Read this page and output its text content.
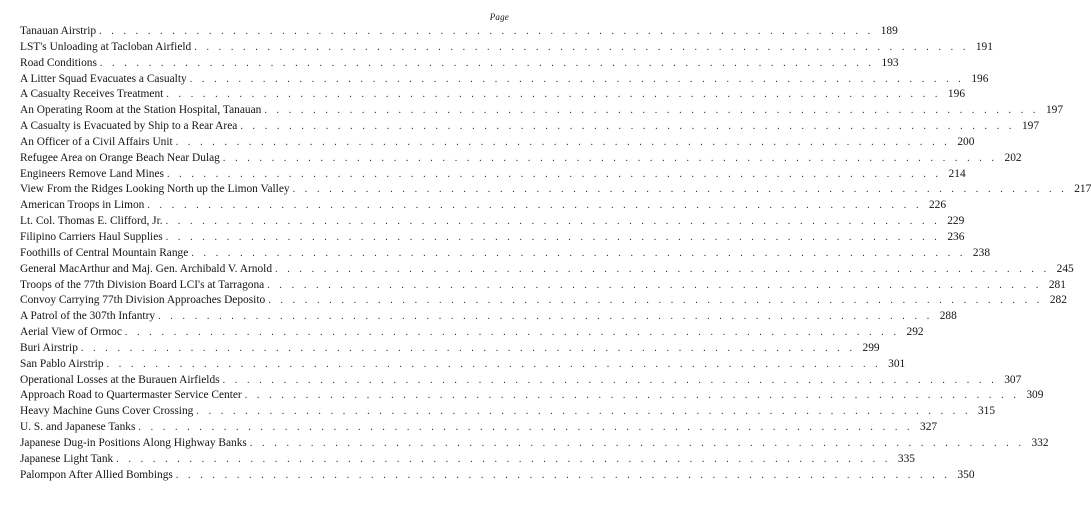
Page
Tanauan Airstrip . . . . . . . . . . . . . . . . . . . . . . . . . . . . . . . . . . . . . . . . . . . . . . . . . . . . . . . . . . . . . . . . 189
LST's Unloading at Tacloban Airfield . . . . . . . . . . . . . . . . . . . . . . . . . . . . . . . . . . . . . . . . . . . . . . . . . . . . . . . . . . . . . . . . 191
Road Conditions . . . . . . . . . . . . . . . . . . . . . . . . . . . . . . . . . . . . . . . . . . . . . . . . . . . . . . . . . . . . . . . . 193
A Litter Squad Evacuates a Casualty . . . . . . . . . . . . . . . . . . . . . . . . . . . . . . . . . . . . . . . . . . . . . . . . . . . . . . . . . . . . . . . . 196
A Casualty Receives Treatment . . . . . . . . . . . . . . . . . . . . . . . . . . . . . . . . . . . . . . . . . . . . . . . . . . . . . . . . . . . . . . . . 196
An Operating Room at the Station Hospital, Tanauan . . . . . . . . . . . . . . . . . . . . . . . . . . . . . . . . . . . . . . . . . . . . . . . . . . . . . . . . . . . . . . . . 197
A Casualty is Evacuated by Ship to a Rear Area . . . . . . . . . . . . . . . . . . . . . . . . . . . . . . . . . . . . . . . . . . . . . . . . . . . . . . . . . . . . . . . . 197
An Officer of a Civil Affairs Unit . . . . . . . . . . . . . . . . . . . . . . . . . . . . . . . . . . . . . . . . . . . . . . . . . . . . . . . . . . . . . . . . 200
Refugee Area on Orange Beach Near Dulag . . . . . . . . . . . . . . . . . . . . . . . . . . . . . . . . . . . . . . . . . . . . . . . . . . . . . . . . . . . . . . . . 202
Engineers Remove Land Mines . . . . . . . . . . . . . . . . . . . . . . . . . . . . . . . . . . . . . . . . . . . . . . . . . . . . . . . . . . . . . . . . 214
View From the Ridges Looking North up the Limon Valley . . . . . . . . . . . . . . . . . . . . . . . . . . . . . . . . . . . . . . . . . . . . . . . . . . . . . . . . . . . . . . . . 217
American Troops in Limon . . . . . . . . . . . . . . . . . . . . . . . . . . . . . . . . . . . . . . . . . . . . . . . . . . . . . . . . . . . . . . . . 226
Lt. Col. Thomas E. Clifford, Jr. . . . . . . . . . . . . . . . . . . . . . . . . . . . . . . . . . . . . . . . . . . . . . . . . . . . . . . . . . . . . . . . . 229
Filipino Carriers Haul Supplies . . . . . . . . . . . . . . . . . . . . . . . . . . . . . . . . . . . . . . . . . . . . . . . . . . . . . . . . . . . . . . . . 236
Foothills of Central Mountain Range . . . . . . . . . . . . . . . . . . . . . . . . . . . . . . . . . . . . . . . . . . . . . . . . . . . . . . . . . . . . . . . . 238
General MacArthur and Maj. Gen. Archibald V. Arnold . . . . . . . . . . . . . . . . . . . . . . . . . . . . . . . . . . . . . . . . . . . . . . . . . . . . . . . . . . . . . . . . 245
Troops of the 77th Division Board LCI's at Tarragona . . . . . . . . . . . . . . . . . . . . . . . . . . . . . . . . . . . . . . . . . . . . . . . . . . . . . . . . . . . . . . . . 281
Convoy Carrying 77th Division Approaches Deposito . . . . . . . . . . . . . . . . . . . . . . . . . . . . . . . . . . . . . . . . . . . . . . . . . . . . . . . . . . . . . . . . 282
A Patrol of the 307th Infantry . . . . . . . . . . . . . . . . . . . . . . . . . . . . . . . . . . . . . . . . . . . . . . . . . . . . . . . . . . . . . . . . 288
Aerial View of Ormoc . . . . . . . . . . . . . . . . . . . . . . . . . . . . . . . . . . . . . . . . . . . . . . . . . . . . . . . . . . . . . . . . 292
Buri Airstrip . . . . . . . . . . . . . . . . . . . . . . . . . . . . . . . . . . . . . . . . . . . . . . . . . . . . . . . . . . . . . . . . 299
San Pablo Airstrip . . . . . . . . . . . . . . . . . . . . . . . . . . . . . . . . . . . . . . . . . . . . . . . . . . . . . . . . . . . . . . . . 301
Operational Losses at the Burauen Airfields . . . . . . . . . . . . . . . . . . . . . . . . . . . . . . . . . . . . . . . . . . . . . . . . . . . . . . . . . . . . . . . . 307
Approach Road to Quartermaster Service Center . . . . . . . . . . . . . . . . . . . . . . . . . . . . . . . . . . . . . . . . . . . . . . . . . . . . . . . . . . . . . . . . 309
Heavy Machine Guns Cover Crossing . . . . . . . . . . . . . . . . . . . . . . . . . . . . . . . . . . . . . . . . . . . . . . . . . . . . . . . . . . . . . . . . 315
U. S. and Japanese Tanks . . . . . . . . . . . . . . . . . . . . . . . . . . . . . . . . . . . . . . . . . . . . . . . . . . . . . . . . . . . . . . . . 327
Japanese Dug-in Positions Along Highway Banks . . . . . . . . . . . . . . . . . . . . . . . . . . . . . . . . . . . . . . . . . . . . . . . . . . . . . . . . . . . . . . . . 332
Japanese Light Tank . . . . . . . . . . . . . . . . . . . . . . . . . . . . . . . . . . . . . . . . . . . . . . . . . . . . . . . . . . . . . . . . 335
Palompon After Allied Bombings . . . . . . . . . . . . . . . . . . . . . . . . . . . . . . . . . . . . . . . . . . . . . . . . . . . . . . . . . . . . . . . . 350
